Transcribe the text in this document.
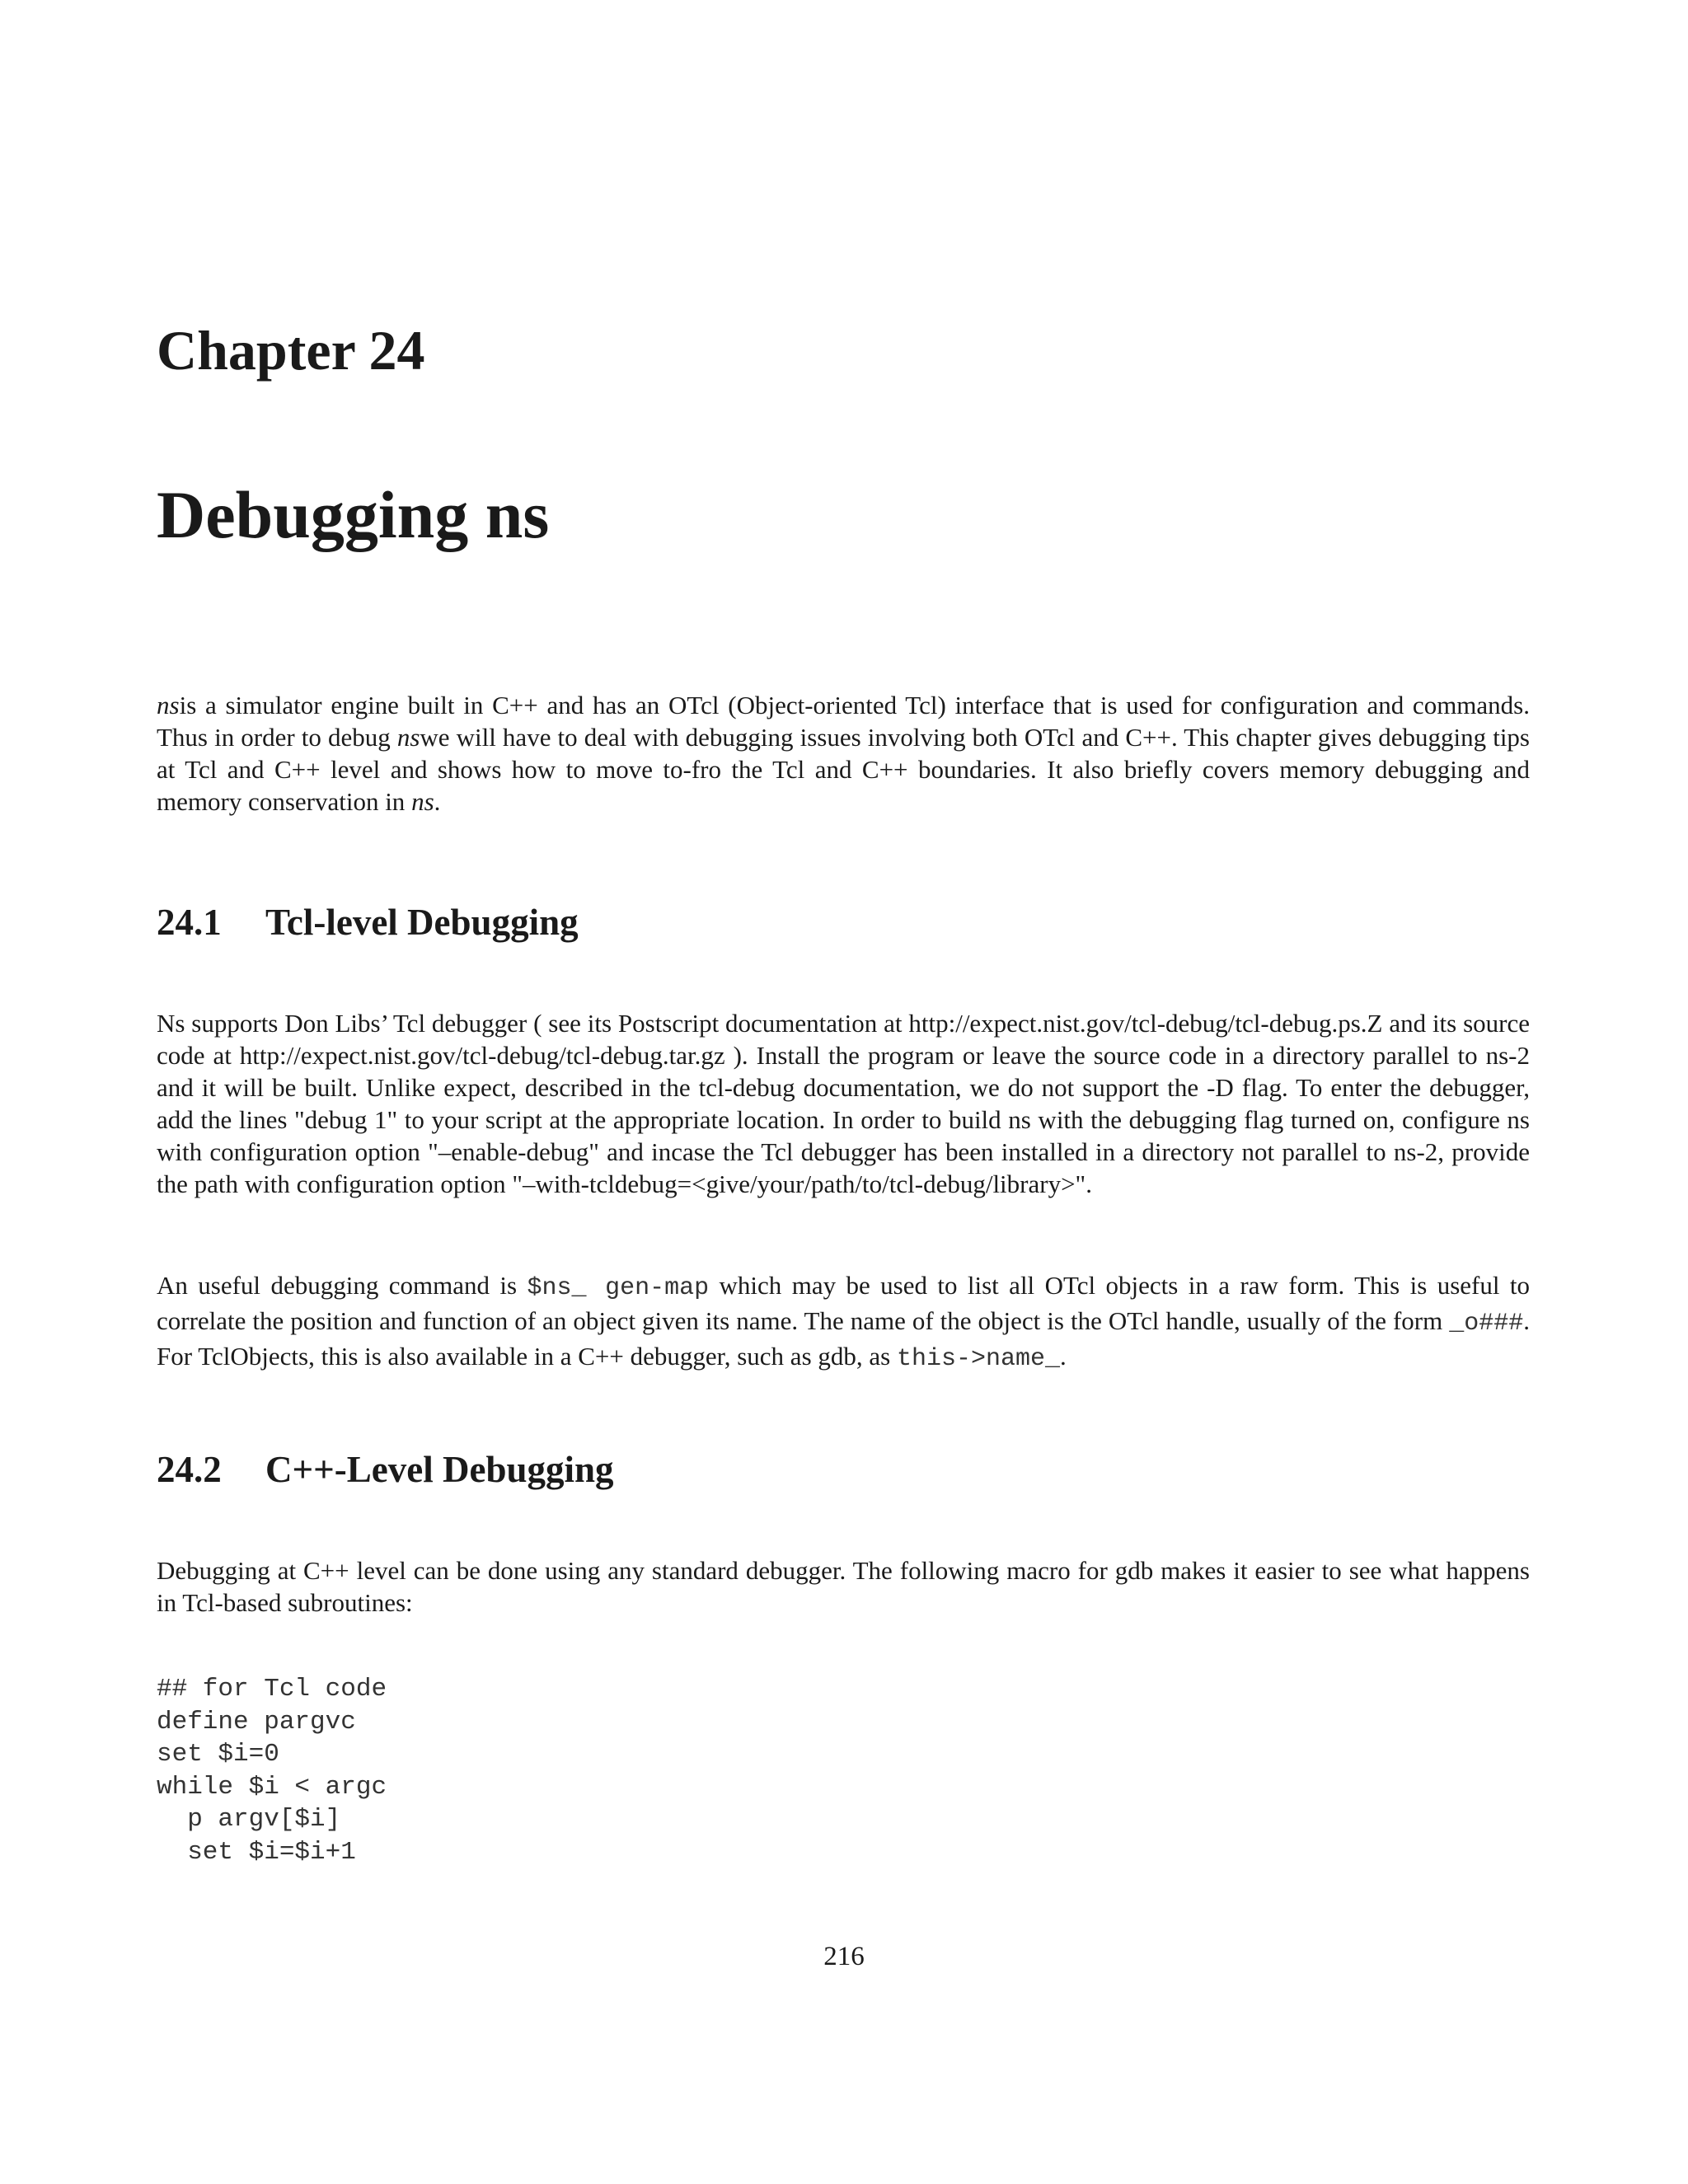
Chapter 24
Debugging ns

nsis a simulator engine built in C++ and has an OTcl (Object-oriented Tcl) interface that is used for configuration and commands. Thus in order to debug nswe will have to deal with debugging issues involving both OTcl and C++. This chapter gives debugging tips at Tcl and C++ level and shows how to move to-fro the Tcl and C++ boundaries. It also briefly covers memory debugging and memory conservation in ns.

24.1 Tcl-level Debugging

Ns supports Don Libs’ Tcl debugger ( see its Postscript documentation at http://expect.nist.gov/tcl-debug/tcl-debug.ps.Z and its source code at http://expect.nist.gov/tcl-debug/tcl-debug.tar.gz ). Install the program or leave the source code in a directory parallel to ns-2 and it will be built. Unlike expect, described in the tcl-debug documentation, we do not support the -D flag. To enter the debugger, add the lines "debug 1" to your script at the appropriate location. In order to build ns with the debugging flag turned on, configure ns with configuration option "–enable-debug" and incase the Tcl debugger has been installed in a directory not parallel to ns-2, provide the path with configuration option "–with-tcldebug=<give/your/path/to/tcl-debug/library>".

An useful debugging command is $ns_ gen-map which may be used to list all OTcl objects in a raw form. This is useful to correlate the position and function of an object given its name. The name of the object is the OTcl handle, usually of the form _o###. For TclObjects, this is also available in a C++ debugger, such as gdb, as this->name_.

24.2 C++-Level Debugging

Debugging at C++ level can be done using any standard debugger. The following macro for gdb makes it easier to see what happens in Tcl-based subroutines:

## for Tcl code
define pargvc
set $i=0
while $i < argc
p argv[$i]
set $i=$i+1

216
